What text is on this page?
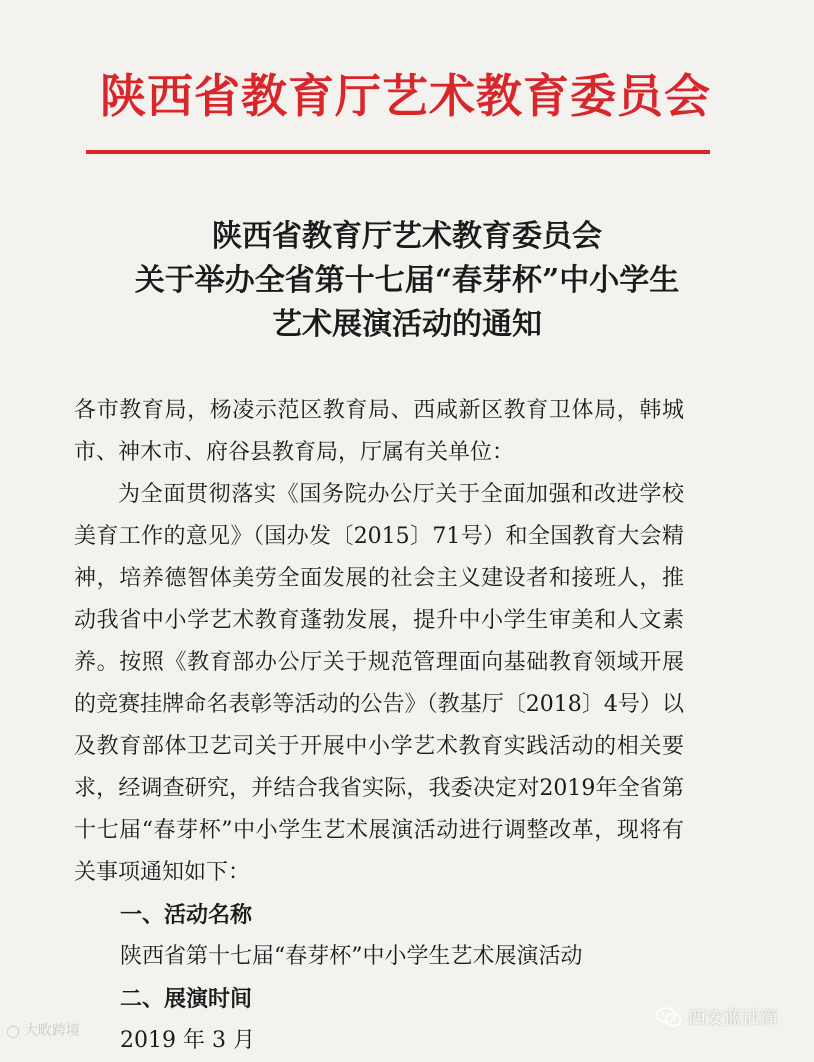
陕西省教育厅艺术教育委员会
陕西省教育厅艺术教育委员会
关于举办全省第十七届“春芽杯”中小学生
艺术展演活动的通知

各市教育局，杨凌示范区教育局、西咸新区教育卫体局，韩城市、神木市、府谷县教育局，厅属有关单位：

为全面贯彻落实《国务院办公厅关于全面加强和改进学校美育工作的意见》（国办发〔2015〕71号）和全国教育大会精神，培养德智体美劳全面发展的社会主义建设者和接班人，推动我省中小学艺术教育蓬勃发展，提升中小学生审美和人文素养。按照《教育部办公厅关于规范管理面向基础教育领域开展的竞赛挂牌命名表彰等活动的公告》（教基厅〔2018〕4号）以及教育部体卫艺司关于开展中小学艺术教育实践活动的相关要求，经调查研究，并结合我省实际，我委决定对2019年全省第十七届“春芽杯”中小学生艺术展演活动进行调整改革，现将有关事项通知如下：

一、活动名称

陕西省第十七届“春芽杯”中小学生艺术展演活动

二、展演时间

2019 年 3 月

○ 大畋跨境
西安蓝话筒
